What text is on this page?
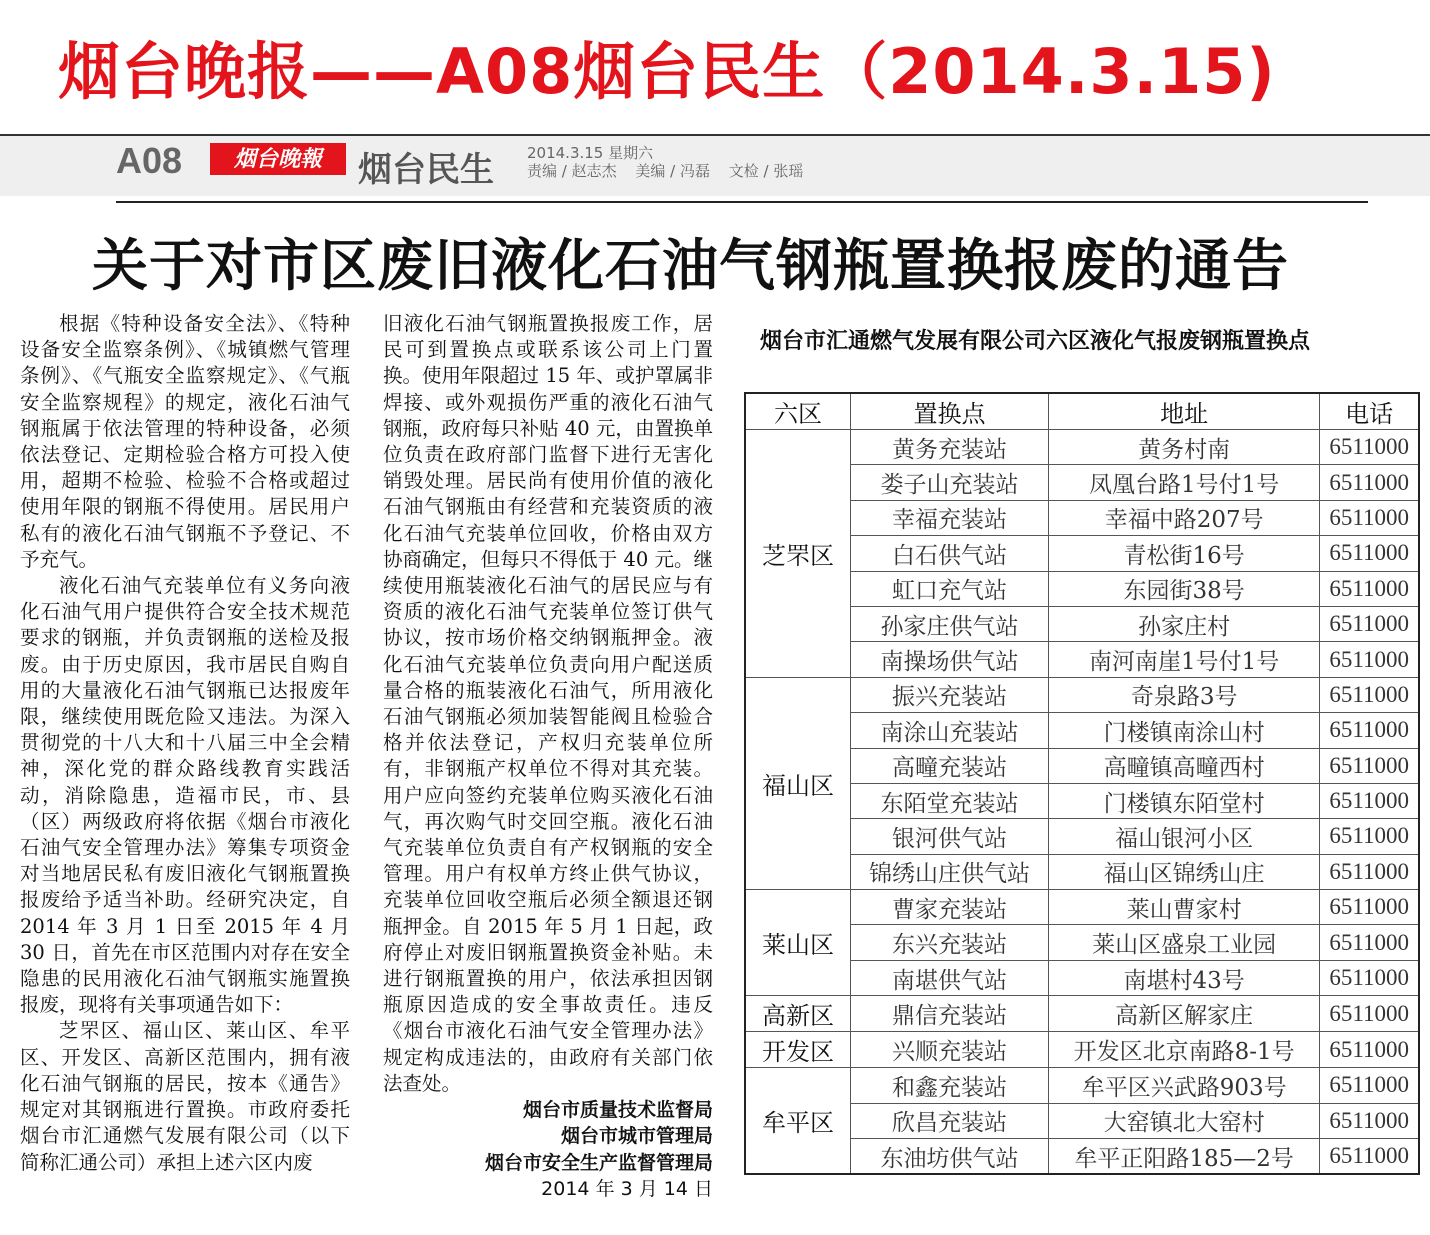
烟台晚报——A08烟台民生（2014.3.15)
A08	烟台晚報	烟台民生 2014.3.15 星期六
责编 / 赵志杰 美编 / 冯磊 文检 / 张瑶
关于对市区废旧液化石油气钢瓶置换报废的通告

根据《特种设备安全法》、《特种设备安全监察条例》、《城镇燃气管理条例》、《气瓶安全监察规定》、《气瓶安全监察规程》的规定，液化石油气钢瓶属于依法管理的特种设备，必须依法登记、定期检验合格方可投入使用，超期不检验、检验不合格或超过使用年限的钢瓶不得使用。居民用户私有的液化石油气钢瓶不予登记、不予充气。

液化石油气充装单位有义务向液化石油气用户提供符合安全技术规范要求的钢瓶，并负责钢瓶的送检及报废。由于历史原因，我市居民自购自用的大量液化石油气钢瓶已达报废年限，继续使用既危险又违法。为深入贯彻党的十八大和十八届三中全会精神，深化党的群众路线教育实践活动，消除隐患，造福市民，市、县（区）两级政府将依据《烟台市液化石油气安全管理办法》筹集专项资金对当地居民私有废旧液化气钢瓶置换报废给予适当补助。经研究决定，自 2014 年 3 月 1 日至 2015 年 4 月 30 日，首先在市区范围内对存在安全隐患的民用液化石油气钢瓶实施置换报废，现将有关事项通告如下：

芝罘区、福山区、莱山区、牟平区、开发区、高新区范围内，拥有液化石油气钢瓶的居民，按本《通告》规定对其钢瓶进行置换。市政府委托烟台市汇通燃气发展有限公司（以下简称汇通公司）承担上述六区内废

旧液化石油气钢瓶置换报废工作，居民可到置换点或联系该公司上门置换。使用年限超过 15 年、或护罩属非焊接、或外观损伤严重的液化石油气钢瓶，政府每只补贴 40 元，由置换单位负责在政府部门监督下进行无害化销毁处理。居民尚有使用价值的液化石油气钢瓶由有经营和充装资质的液化石油气充装单位回收，价格由双方协商确定，但每只不得低于 40 元。继续使用瓶装液化石油气的居民应与有资质的液化石油气充装单位签订供气协议，按市场价格交纳钢瓶押金。液化石油气充装单位负责向用户配送质量合格的瓶装液化石油气，所用液化石油气钢瓶必须加装智能阀且检验合格并依法登记，产权归充装单位所有，非钢瓶产权单位不得对其充装。用户应向签约充装单位购买液化石油气，再次购气时交回空瓶。液化石油气充装单位负责自有产权钢瓶的安全管理。用户有权单方终止供气协议，充装单位回收空瓶后必须全额退还钢瓶押金。自 2015 年 5 月 1 日起，政府停止对废旧钢瓶置换资金补贴。未进行钢瓶置换的用户，依法承担因钢瓶原因造成的安全事故责任。违反《烟台市液化石油气安全管理办法》规定构成违法的，由政府有关部门依法查处。

烟台市质量技术监督局

烟台市城市管理局

烟台市安全生产监督管理局

2014 年 3 月 14 日

烟台市汇通燃气发展有限公司六区液化气报废钢瓶置换点
六区	置换点	地址	电话
芝罘区	黄务充装站	黄务村南	6511000
	娄子山充装站	凤凰台路1号付1号	6511000
	幸福充装站	幸福中路207号	6511000
	白石供气站	青松街16号	6511000
	虹口充气站	东园街38号	6511000
	孙家庄供气站	孙家庄村	6511000
	南操场供气站	南河南崖1号付1号	6511000
福山区	振兴充装站	奇泉路3号	6511000
	南涂山充装站	门楼镇南涂山村	6511000
	高疃充装站	高疃镇高疃西村	6511000
	东陌堂充装站	门楼镇东陌堂村	6511000
	银河供气站	福山银河小区	6511000
	锦绣山庄供气站	福山区锦绣山庄	6511000
莱山区	曹家充装站	莱山曹家村	6511000
	东兴充装站	莱山区盛泉工业园	6511000
	南堪供气站	南堪村43号	6511000
高新区	鼎信充装站	高新区解家庄	6511000
开发区	兴顺充装站	开发区北京南路8-1号	6511000
牟平区	和鑫充装站	牟平区兴武路903号	6511000
	欣昌充装站	大窑镇北大窑村	6511000
	东油坊供气站	牟平正阳路185—2号	6511000
